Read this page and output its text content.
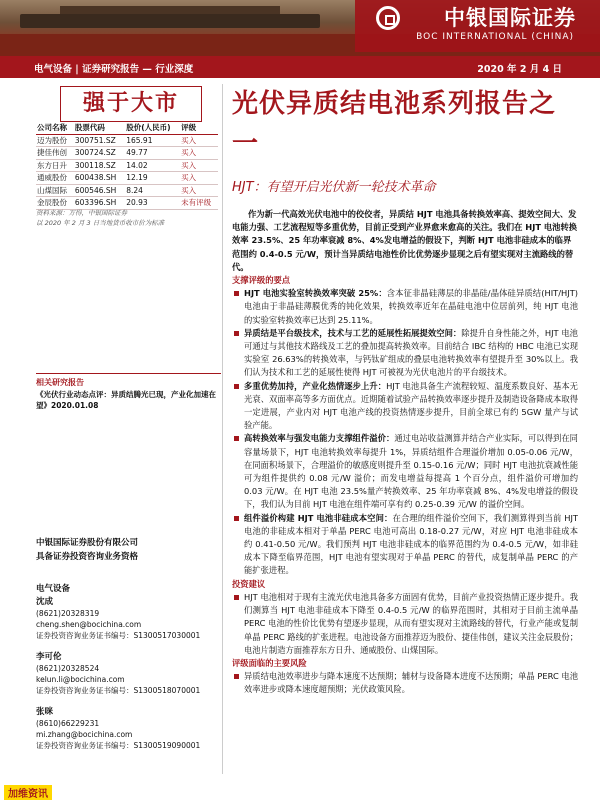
中银国际证券
BOC INTERNATIONAL (CHINA)
电气设备 | 证券研究报告 — 行业深度	2020 年 2 月 4 日
强于大市	光伏异质结电池系列报告之一
HJT：有望开启光伏新一轮技术革命
公司名称	股票代码	股价(人民币)	评级
迈为股份	300751.SZ	165.91	买入
捷佳伟创	300724.SZ	49.77	买入
东方日升	300118.SZ	14.02	买入
通威股份	600438.SH	12.19	买入
山煤国际	600546.SH	8.24	买入
金辰股份	603396.SH	20.93	未有评级
资料来源：万得，中银国际证券
以 2020 年 2 月 3 日当地货币收市价为标准
相关研究报告
《光伏行业动态点评：异质结腾光已现，产业化加速在望》2020.01.08
中银国际证券股份有限公司
具备证券投资咨询业务资格
电气设备
沈成
(8621)20328319
cheng.shen@bocichina.com
证券投资咨询业务证书编号：S1300517030001
李可伦
(8621)20328524
kelun.li@bocichina.com
证券投资咨询业务证书编号：S1300518070001
张咪
(8610)66229231
mi.zhang@bocichina.com
证券投资咨询业务证书编号：S1300519090001

作为新一代高效光伏电池中的佼佼者，异质结 HJT 电池具备转换效率高、提效空间大、发电能力强、工艺流程短等多重优势，目前正受到产业界愈来愈高的关注。我们在 HJT 电池转换效率 23.5%、25 年功率衰减 8%、4%发电增益的假设下，判断 HJT 电池非硅成本的临界范围约 0.4-0.5 元/W，预计当异质结电池性价比优势逐步显现之后有望实现对主流路线的替代。

支撑评级的要点

HJT 电池实验室转换效率突破 25%：含本征非晶硅薄层的非晶硅/晶体硅异质结(HIT/HJT) 电池由于非晶硅薄膜优秀的钝化效果，转换效率近年在晶硅电池中位居前列，纯 HJT 电池的实验室转换效率已达到 25.11%。

异质结是平台级技术，技术与工艺的延展性拓展提效空间：除提升自身性能之外，HJT 电池可通过与其他技术路线及工艺的叠加提高转换效率。目前结合 IBC 结构的 HBC 电池已实现实验室 26.63%的转换效率，与钙钛矿组成的叠层电池转换效率有望提升至 30%以上。我们认为技术和工艺的延展性使得 HJT 可被视为光伏电池片的平台级技术。

多重优势加持，产业化热情逐步上升：HJT 电池具备生产流程较短、温度系数良好、基本无光衰、双面率高等多方面优点。近期随着试验产品转换效率逐步提升及制造设备降成本取得一定进展，产业内对 HJT 电池产线的投资热情逐步提升，目前全球已有约 5GW 量产与试验产能。

高转换效率与强发电能力支撑组件溢价：通过电站收益测算并结合产业实际，可以得到在同容量场景下，HJT 电池转换效率每提升 1%，异质结组件合理溢价增加 0.05-0.06 元/W，在同面积场景下，合理溢价的敏感度则提升至 0.15-0.16 元/W；同时 HJT 电池抗衰减性能可为组件提供约 0.08 元/W 溢价；而发电增益每提高 1 个百分点，组件溢价可增加约 0.03 元/W。在 HJT 电池 23.5%量产转换效率、25 年功率衰减 8%、4%发电增益的假设下，我们认为目前 HJT 电池在组件端可享有约 0.25-0.39 元/W 的溢价空间。

组件溢价构建 HJT 电池非硅成本空间：在合理的组件溢价空间下，我们测算得到当前 HJT 电池的非硅成本相对于单晶 PERC 电池可高出 0.18-0.27 元/W，对应 HJT 电池非硅成本约 0.41-0.50 元/W。我们预判 HJT 电池非硅成本的临界范围约为 0.4-0.5 元/W，如非硅成本下降至临界范围，HJT 电池有望实现对于单晶 PERC 的替代，成复制单晶 PERC 的产能扩张进程。

投资建议

HJT 电池相对于现有主流光伏电池具备多方面固有优势，目前产业投资热情正逐步提升。我们测算当 HJT 电池非硅成本下降至 0.4-0.5 元/W 的临界范围时，其相对于目前主流单晶 PERC 电池的性价比优势有望逐步显现，从而有望实现对主流路线的替代，行业产能或复制单晶 PERC 路线的扩张进程。电池设备方面推荐迈为股份、捷佳伟创，建议关注金辰股份；电池片制造方面推荐东方日升、通威股份、山煤国际。

评级面临的主要风险

异质结电池效率进步与降本速度不达预期；辅材与设备降本进度不达预期；单晶 PERC 电池效率进步或降本速度超预期；光伏政策风险。

加维资讯
